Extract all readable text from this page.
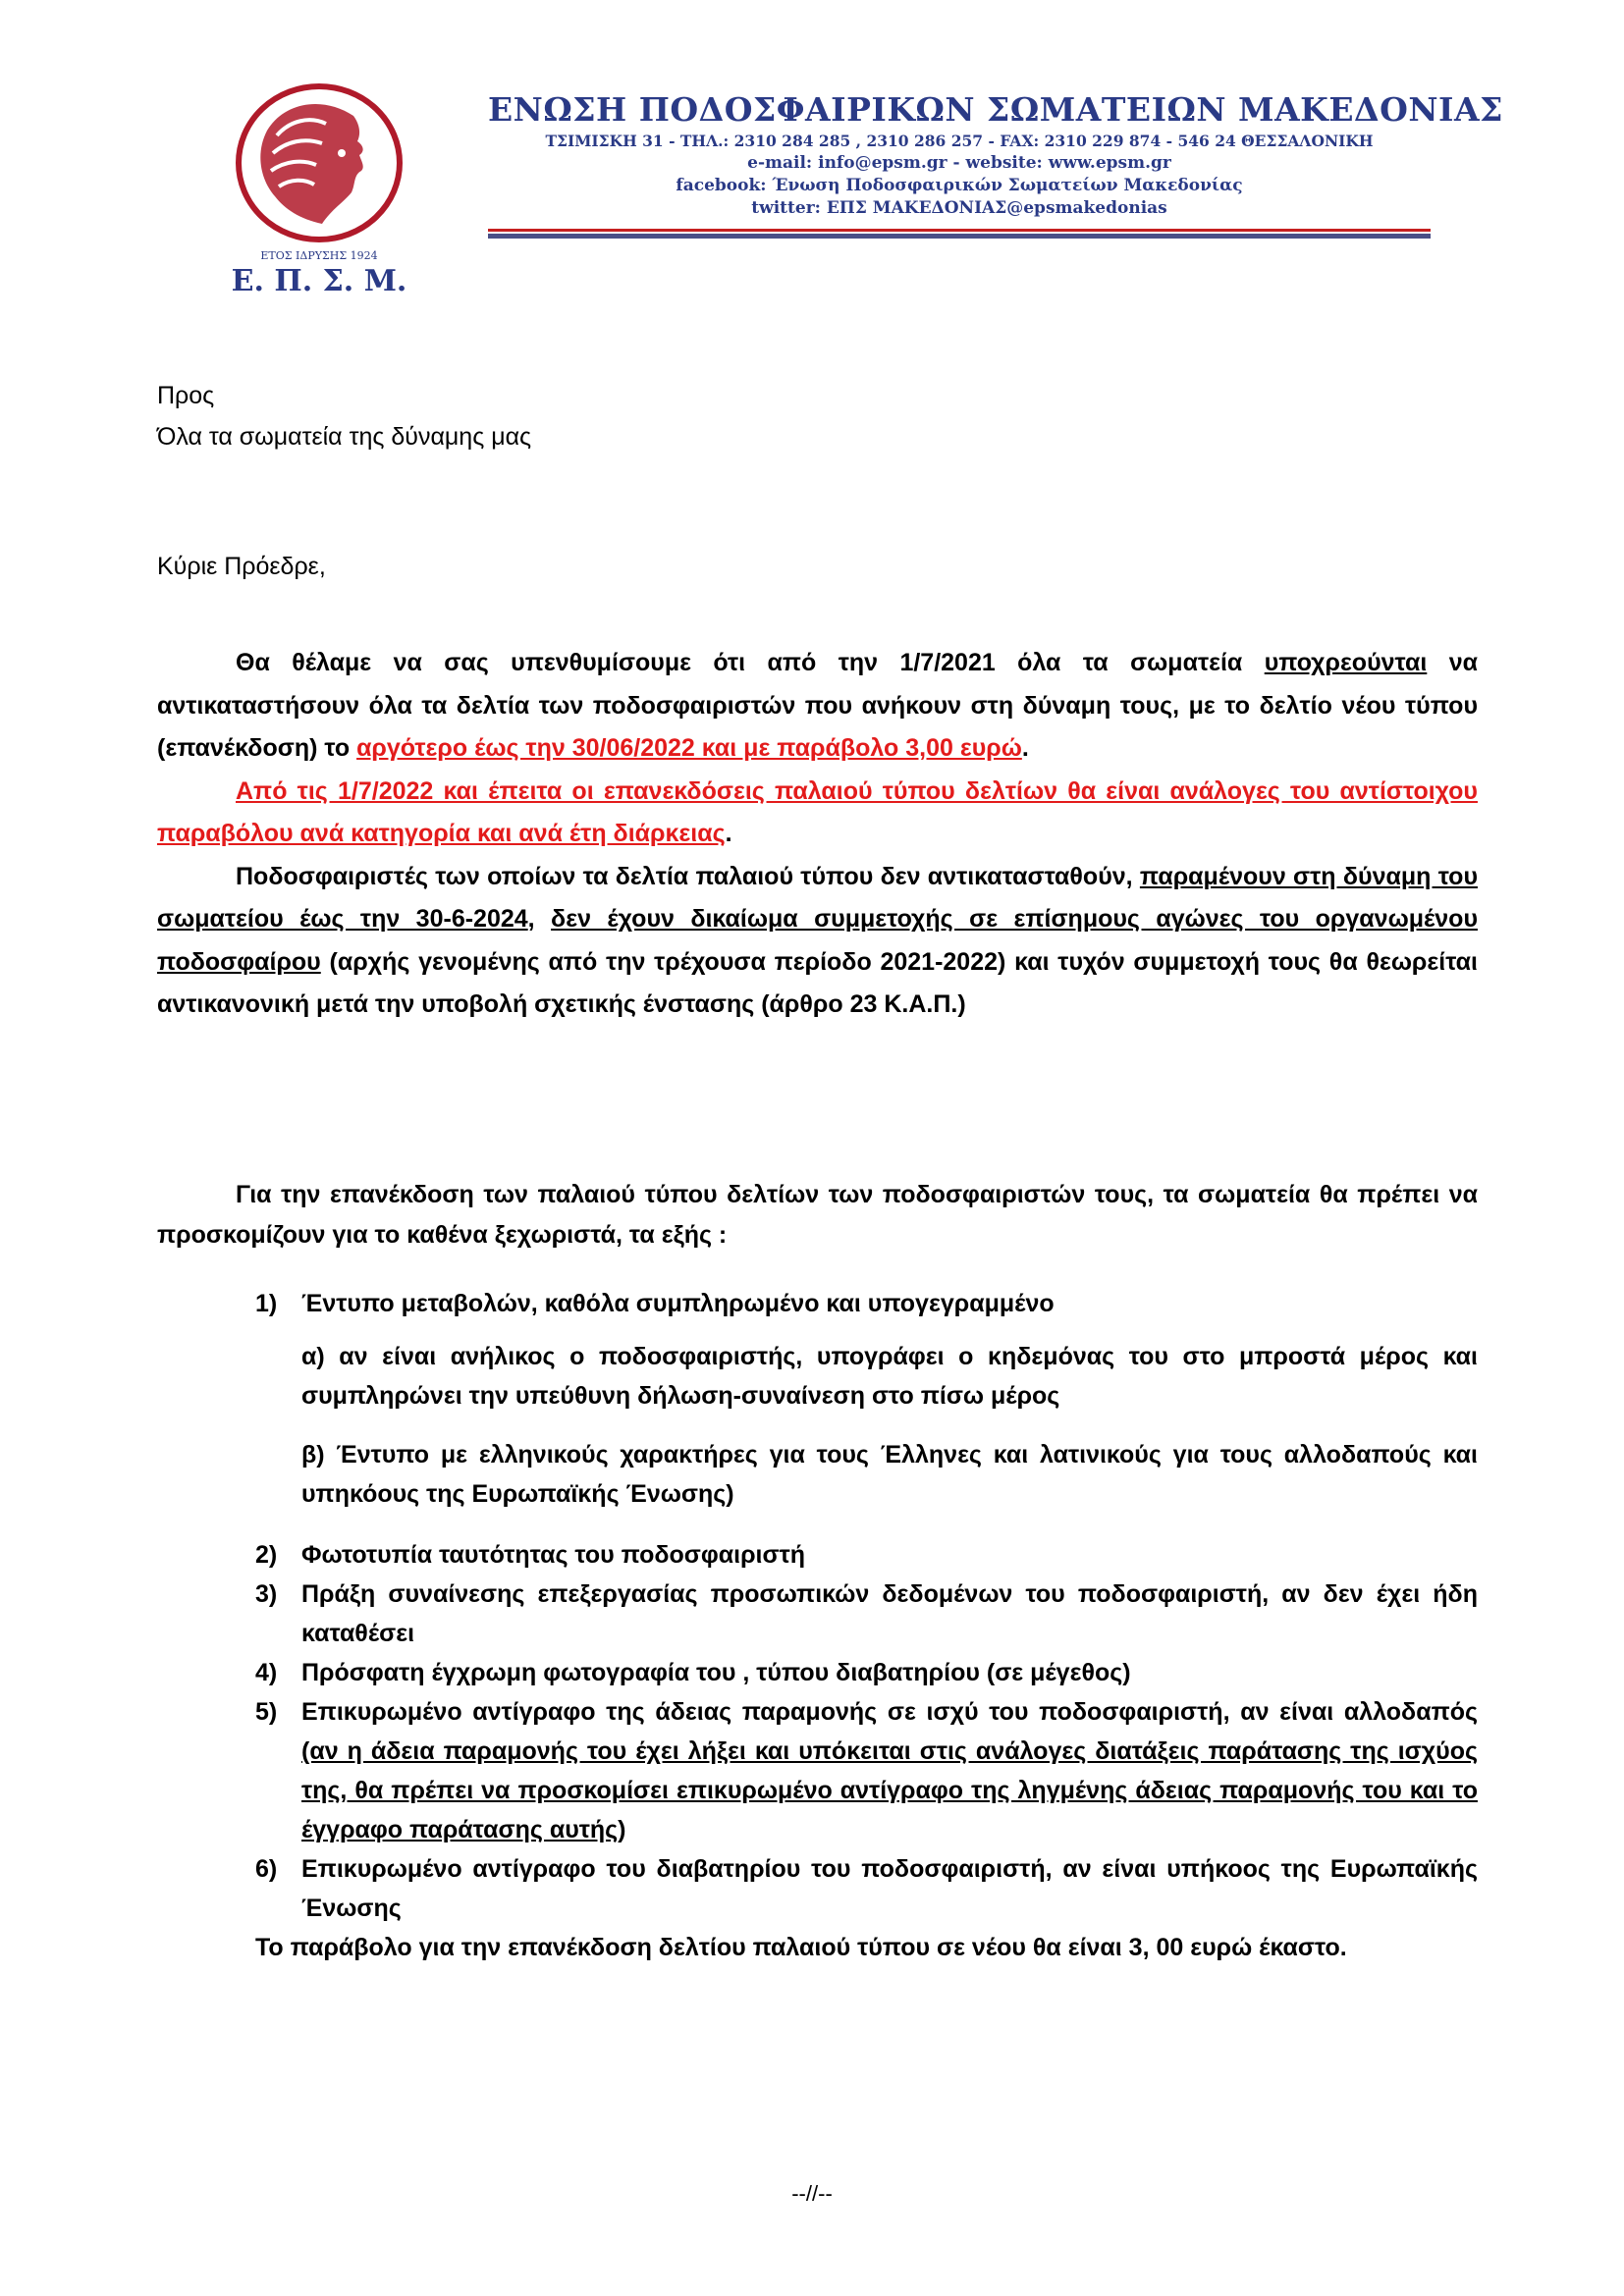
ΕΤΟΣ ΙΔΡΥΣΗΣ 1924
Ε. Π. Σ. Μ.
ΕΝΩΣΗ ΠΟΔΟΣΦΑΙΡΙΚΩΝ ΣΩΜΑΤΕΙΩΝ ΜΑΚΕΔΟΝΙΑΣ
ΤΣΙΜΙΣΚΗ 31 - ΤΗΛ.: 2310 284 285 , 2310 286 257 - FAX: 2310 229 874 - 546 24 ΘΕΣΣΑΛΟΝΙΚΗ
e-mail: info@epsm.gr - website: www.epsm.gr
facebook: Ένωση Ποδοσφαιρικών Σωματείων Μακεδονίας
twitter: ΕΠΣ ΜΑΚΕΔΟΝΙΑΣ@epsmakedonias
Προς
Όλα τα σωματεία της δύναμης μας
Κύριε Πρόεδρε,

Θα θέλαμε να σας υπενθυμίσουμε ότι από την 1/7/2021 όλα τα σωματεία υποχρεούνται να αντικαταστήσουν όλα τα δελτία των ποδοσφαιριστών που ανήκουν στη δύναμη τους, με το δελτίο νέου τύπου (επανέκδοση) το αργότερο έως την 30/06/2022 και με παράβολο 3,00 ευρώ.

Από τις 1/7/2022 και έπειτα οι επανεκδόσεις παλαιού τύπου δελτίων θα είναι ανάλογες του αντίστοιχου παραβόλου ανά κατηγορία και ανά έτη διάρκειας.

Ποδοσφαιριστές των οποίων τα δελτία παλαιού τύπου δεν αντικατασταθούν, παραμένουν στη δύναμη του σωματείου έως την 30-6-2024, δεν έχουν δικαίωμα συμμετοχής σε επίσημους αγώνες του οργανωμένου ποδοσφαίρου (αρχής γενομένης από την τρέχουσα περίοδο 2021-2022) και τυχόν συμμετοχή τους θα θεωρείται αντικανονική μετά την υποβολή σχετικής ένστασης (άρθρο 23 Κ.Α.Π.)

Για την επανέκδοση των παλαιού τύπου δελτίων των ποδοσφαιριστών τους, τα σωματεία θα πρέπει να προσκομίζουν για το καθένα ξεχωριστά, τα εξής :

1) Έντυπο μεταβολών, καθόλα συμπληρωμένο και υπογεγραμμένο
α) αν είναι ανήλικος ο ποδοσφαιριστής, υπογράφει ο κηδεμόνας του στο μπροστά μέρος και συμπληρώνει την υπεύθυνη δήλωση-συναίνεση στο πίσω μέρος
β) Έντυπο με ελληνικούς χαρακτήρες για τους Έλληνες και λατινικούς για τους αλλοδαπούς και υπηκόους της Ευρωπαϊκής Ένωσης)
2) Φωτοτυπία ταυτότητας του ποδοσφαιριστή
3) Πράξη συναίνεσης επεξεργασίας προσωπικών δεδομένων του ποδοσφαιριστή, αν δεν έχει ήδη καταθέσει
4) Πρόσφατη έγχρωμη φωτογραφία του , τύπου διαβατηρίου (σε μέγεθος)
5) Επικυρωμένο αντίγραφο της άδειας παραμονής σε ισχύ του ποδοσφαιριστή, αν είναι αλλοδαπός (αν η άδεια παραμονής του έχει λήξει και υπόκειται στις ανάλογες διατάξεις παράτασης της ισχύος της, θα πρέπει να προσκομίσει επικυρωμένο αντίγραφο της ληγμένης άδειας παραμονής του και το έγγραφο παράτασης αυτής)
6) Επικυρωμένο αντίγραφο του διαβατηρίου του ποδοσφαιριστή, αν είναι υπήκοος της Ευρωπαϊκής Ένωσης
Το παράβολο για την επανέκδοση δελτίου παλαιού τύπου σε νέου θα είναι 3, 00 ευρώ έκαστο.
--//--
